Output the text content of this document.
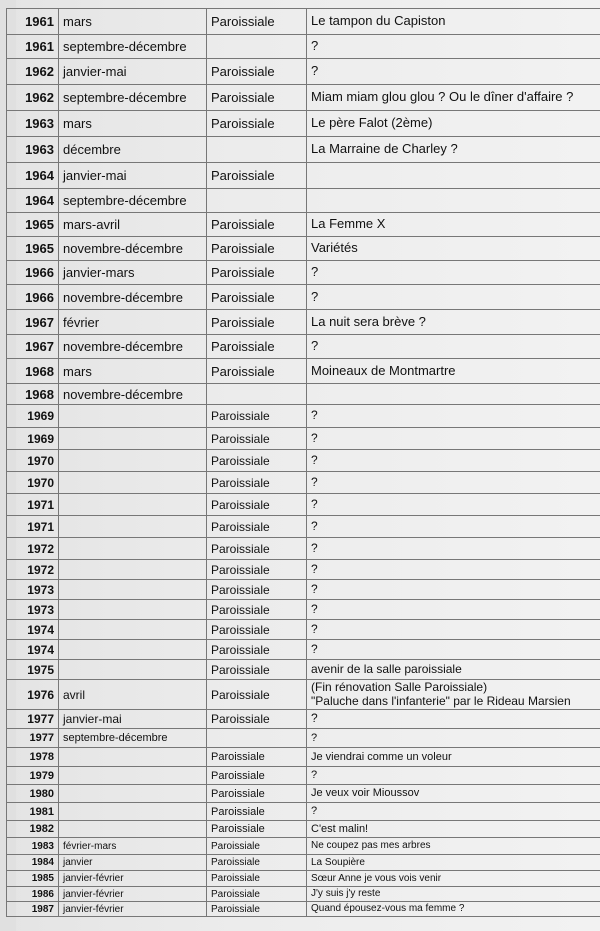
1961	mars	Paroissiale	Le tampon du Capiston
1961	septembre-décembre		?
1962	janvier-mai	Paroissiale	?
1962	septembre-décembre	Paroissiale	Miam miam glou glou ? Ou le dîner d'affaire ?
1963	mars	Paroissiale	Le père Falot (2ème)
1963	décembre		La Marraine de Charley ?
1964	janvier-mai	Paroissiale	
1964	septembre-décembre		
1965	mars-avril	Paroissiale	La Femme X
1965	novembre-décembre	Paroissiale	Variétés
1966	janvier-mars	Paroissiale	?
1966	novembre-décembre	Paroissiale	?
1967	février	Paroissiale	La nuit sera brève ?
1967	novembre-décembre	Paroissiale	?
1968	mars	Paroissiale	Moineaux de Montmartre
1968	novembre-décembre		
1969		Paroissiale	?
1969		Paroissiale	?
1970		Paroissiale	?
1970		Paroissiale	?
1971		Paroissiale	?
1971		Paroissiale	?
1972		Paroissiale	?
1972		Paroissiale	?
1973		Paroissiale	?
1973		Paroissiale	?
1974		Paroissiale	?
1974		Paroissiale	?
1975		Paroissiale	avenir de la salle paroissiale
1976	avril	Paroissiale	(Fin rénovation Salle Paroissiale)
"Paluche dans l'infanterie" par le Rideau Marsien
1977	janvier-mai	Paroissiale	?
1977	septembre-décembre		?
1978		Paroissiale	Je viendrai comme un voleur
1979		Paroissiale	?
1980		Paroissiale	Je veux voir Mioussov
1981		Paroissiale	?
1982		Paroissiale	C'est malin!
1983	février-mars	Paroissiale	Ne coupez pas mes arbres
1984	janvier	Paroissiale	La Soupière
1985	janvier-février	Paroissiale	Sœur Anne je vous vois venir
1986	janvier-février	Paroissiale	J'y suis j'y reste
1987	janvier-février	Paroissiale	Quand épousez-vous ma femme ?
